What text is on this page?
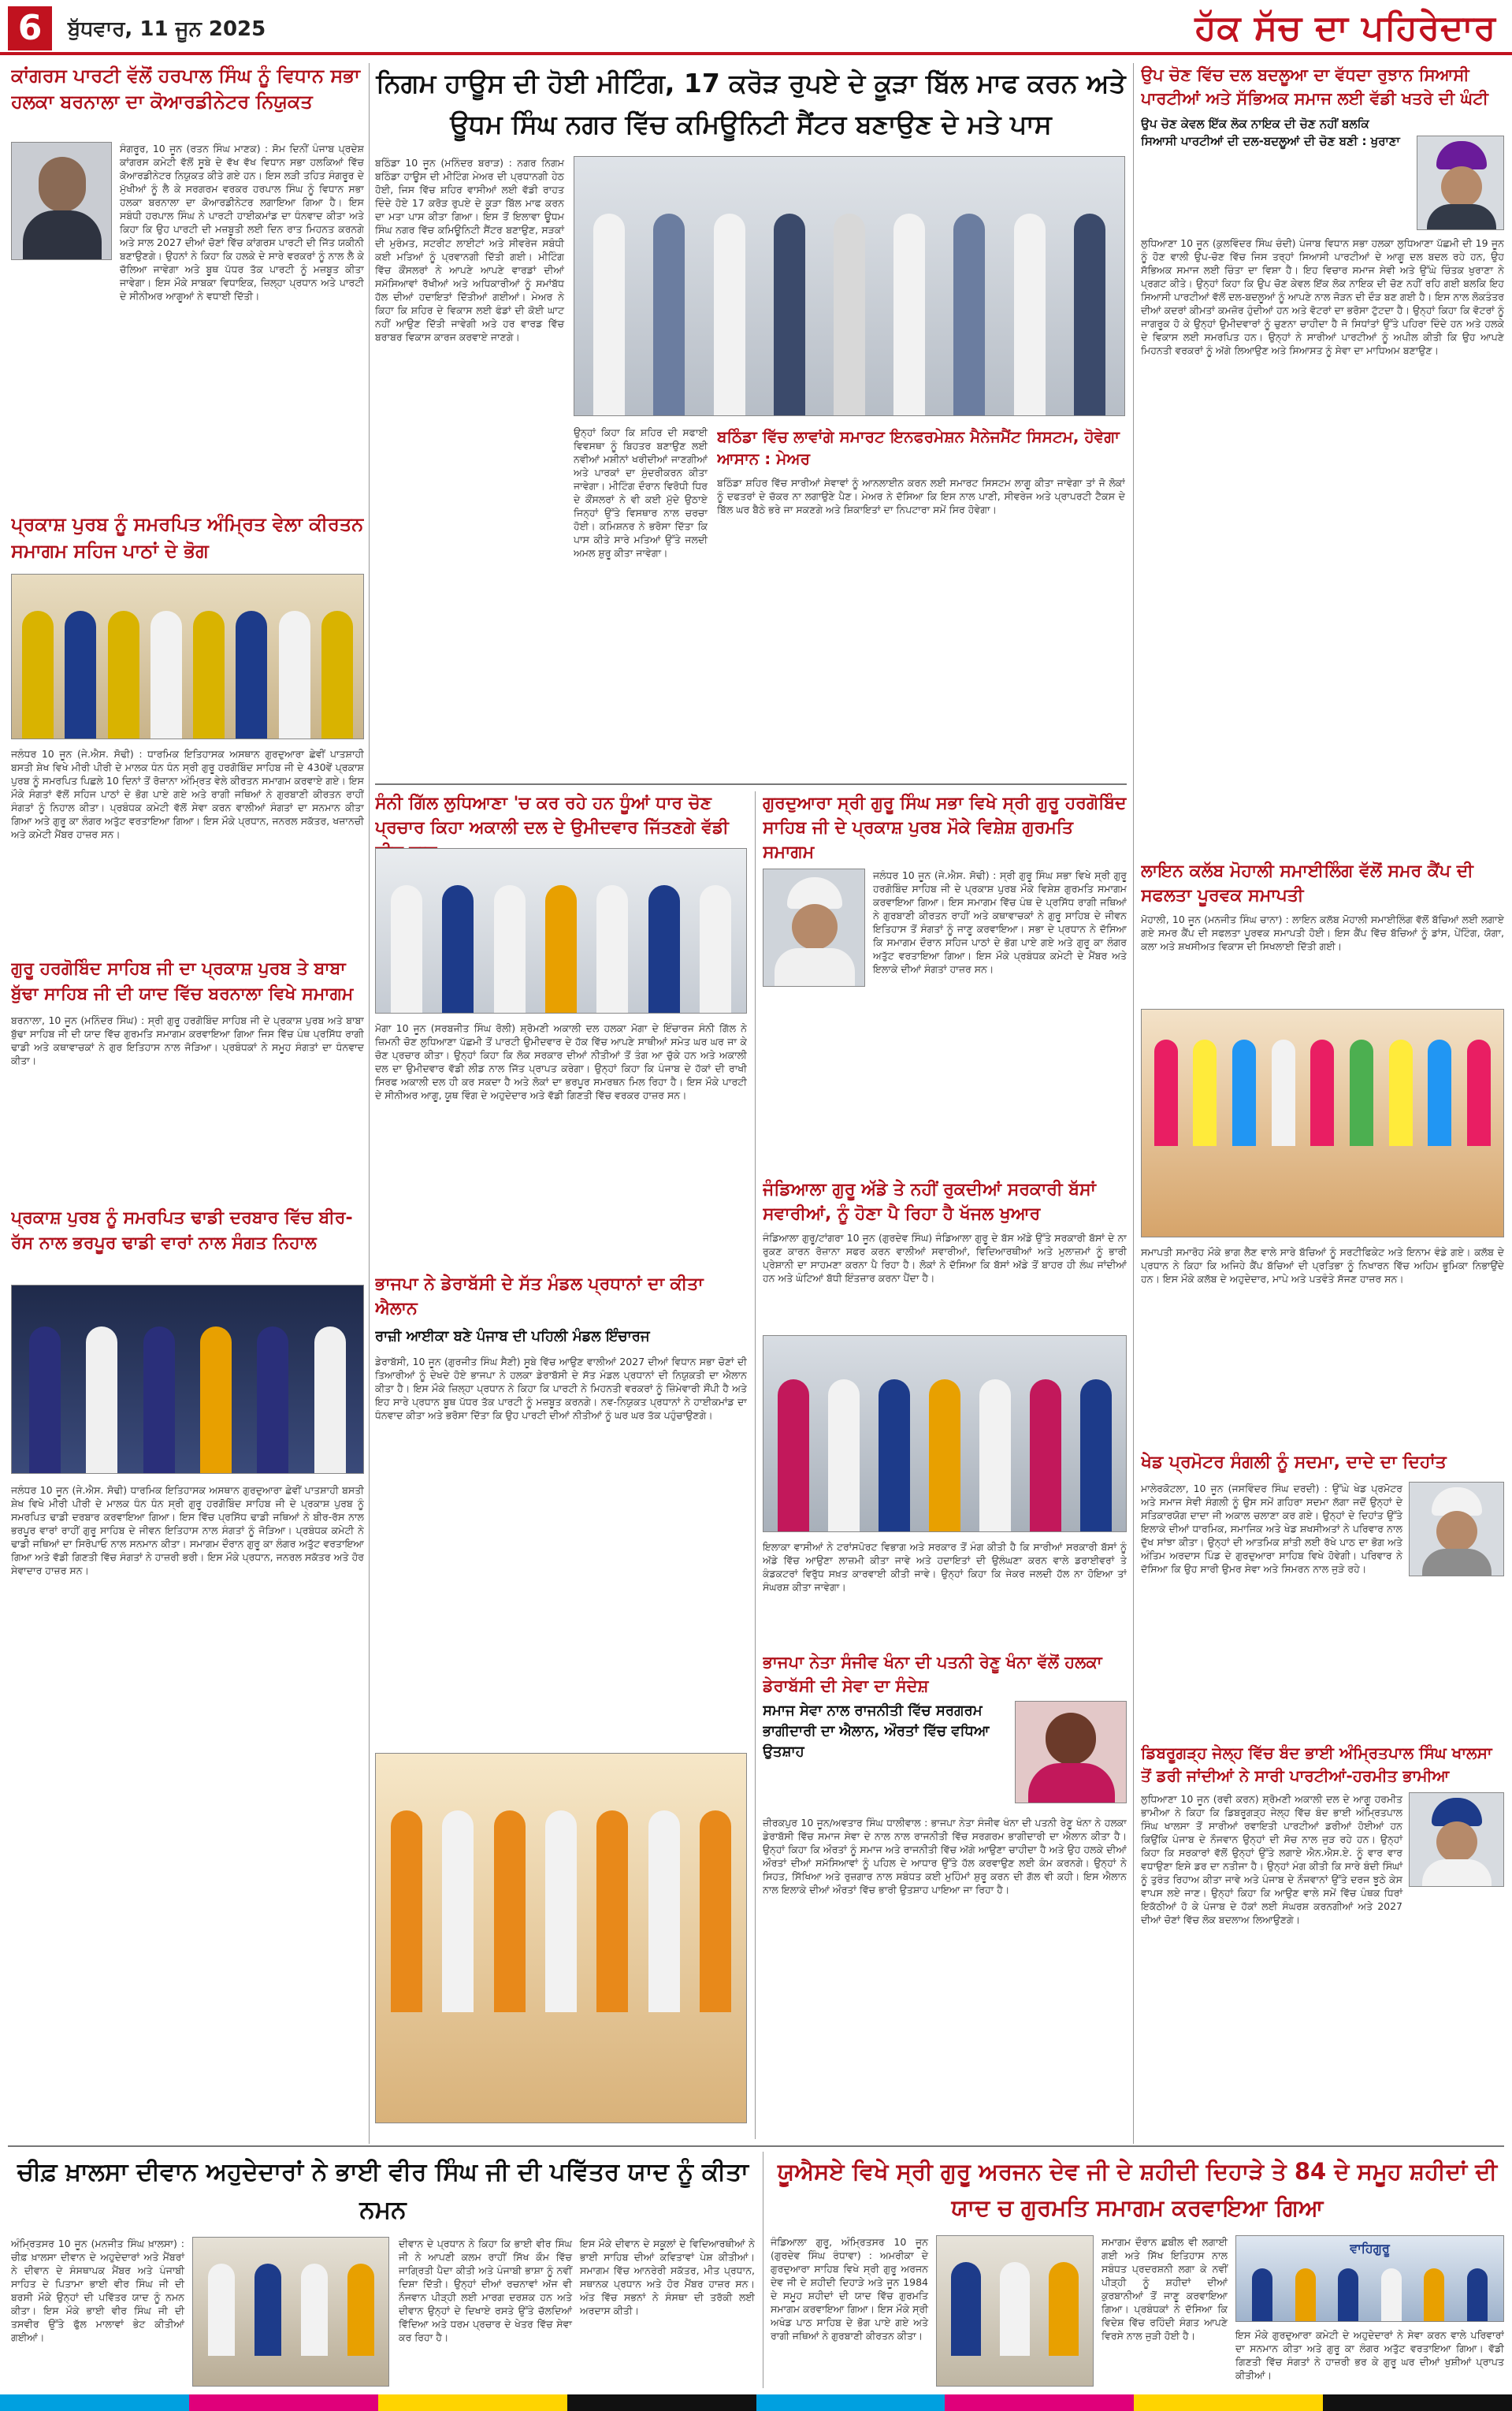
6	ਬੁੱਧਵਾਰ, 11 ਜੂਨ 2025	ਹੱਕ ਸੱਚ ਦਾ ਪਹਿਰੇਦਾਰ
ਕਾਂਗਰਸ ਪਾਰਟੀ ਵੱਲੋਂ ਹਰਪਾਲ ਸਿੰਘ ਨੂੰ ਵਿਧਾਨ ਸਭਾ ਹਲਕਾ ਬਰਨਾਲਾ ਦਾ ਕੋਆਰਡੀਨੇਟਰ ਨਿਯੁਕਤ
ਸੰਗਰੂਰ, 10 ਜੂਨ (ਰਤਨ ਸਿੰਘ ਮਾਣਕ) : ਸੋਮ ਦਿਨੀਂ ਪੰਜਾਬ ਪ੍ਰਦੇਸ਼ ਕਾਂਗਰਸ ਕਮੇਟੀ ਵੱਲੋਂ ਸੂਬੇ ਦੇ ਵੱਖ ਵੱਖ ਵਿਧਾਨ ਸਭਾ ਹਲਕਿਆਂ ਵਿੱਚ ਕੋਆਰਡੀਨੇਟਰ ਨਿਯੁਕਤ ਕੀਤੇ ਗਏ ਹਨ। ਇਸ ਲੜੀ ਤਹਿਤ ਸੰਗਰੂਰ ਦੇ ਮੁੱਖੀਆਂ ਨੂੰ ਲੈ ਕੇ ਸਰਗਰਮ ਵਰਕਰ ਹਰਪਾਲ ਸਿੰਘ ਨੂੰ ਵਿਧਾਨ ਸਭਾ ਹਲਕਾ ਬਰਨਾਲਾ ਦਾ ਕੋਆਰਡੀਨੇਟਰ ਲਗਾਇਆ ਗਿਆ ਹੈ। ਇਸ ਸਬੰਧੀ ਹਰਪਾਲ ਸਿੰਘ ਨੇ ਪਾਰਟੀ ਹਾਈਕਮਾਂਡ ਦਾ ਧੰਨਵਾਦ ਕੀਤਾ ਅਤੇ ਕਿਹਾ ਕਿ ਉਹ ਪਾਰਟੀ ਦੀ ਮਜ਼ਬੂਤੀ ਲਈ ਦਿਨ ਰਾਤ ਮਿਹਨਤ ਕਰਨਗੇ ਅਤੇ ਸਾਲ 2027 ਦੀਆਂ ਚੋਣਾਂ ਵਿੱਚ ਕਾਂਗਰਸ ਪਾਰਟੀ ਦੀ ਜਿੱਤ ਯਕੀਨੀ ਬਣਾਉਣਗੇ। ਉਹਨਾਂ ਨੇ ਕਿਹਾ ਕਿ ਹਲਕੇ ਦੇ ਸਾਰੇ ਵਰਕਰਾਂ ਨੂੰ ਨਾਲ ਲੈ ਕੇ ਚੱਲਿਆ ਜਾਵੇਗਾ ਅਤੇ ਬੂਥ ਪੱਧਰ ਤੱਕ ਪਾਰਟੀ ਨੂੰ ਮਜ਼ਬੂਤ ਕੀਤਾ ਜਾਵੇਗਾ। ਇਸ ਮੌਕੇ ਸਾਬਕਾ ਵਿਧਾਇਕ, ਜ਼ਿਲ੍ਹਾ ਪ੍ਰਧਾਨ ਅਤੇ ਪਾਰਟੀ ਦੇ ਸੀਨੀਅਰ ਆਗੂਆਂ ਨੇ ਵਧਾਈ ਦਿੱਤੀ।
ਪ੍ਰਕਾਸ਼ ਪੁਰਬ ਨੂੰ ਸਮਰਪਿਤ ਅੰਮ੍ਰਿਤ ਵੇਲਾ ਕੀਰਤਨ ਸਮਾਗਮ ਸਹਿਜ ਪਾਠਾਂ ਦੇ ਭੋਗ
ਜਲੰਧਰ 10 ਜੂਨ (ਜੇ.ਐਸ. ਸੋਢੀ) : ਧਾਰਮਿਕ ਇਤਿਹਾਸਕ ਅਸਥਾਨ ਗੁਰਦੁਆਰਾ ਛੇਵੀਂ ਪਾਤਸ਼ਾਹੀ ਬਸਤੀ ਸ਼ੇਖ ਵਿਖੇ ਮੀਰੀ ਪੀਰੀ ਦੇ ਮਾਲਕ ਧੰਨ ਧੰਨ ਸ੍ਰੀ ਗੁਰੂ ਹਰਗੋਬਿੰਦ ਸਾਹਿਬ ਜੀ ਦੇ 430ਵੇਂ ਪ੍ਰਕਾਸ਼ ਪੁਰਬ ਨੂੰ ਸਮਰਪਿਤ ਪਿਛਲੇ 10 ਦਿਨਾਂ ਤੋਂ ਰੋਜ਼ਾਨਾ ਅੰਮ੍ਰਿਤ ਵੇਲੇ ਕੀਰਤਨ ਸਮਾਗਮ ਕਰਵਾਏ ਗਏ। ਇਸ ਮੌਕੇ ਸੰਗਤਾਂ ਵੱਲੋਂ ਸਹਿਜ ਪਾਠਾਂ ਦੇ ਭੋਗ ਪਾਏ ਗਏ ਅਤੇ ਰਾਗੀ ਜਥਿਆਂ ਨੇ ਗੁਰਬਾਣੀ ਕੀਰਤਨ ਰਾਹੀਂ ਸੰਗਤਾਂ ਨੂੰ ਨਿਹਾਲ ਕੀਤਾ। ਪ੍ਰਬੰਧਕ ਕਮੇਟੀ ਵੱਲੋਂ ਸੇਵਾ ਕਰਨ ਵਾਲੀਆਂ ਸੰਗਤਾਂ ਦਾ ਸਨਮਾਨ ਕੀਤਾ ਗਿਆ ਅਤੇ ਗੁਰੂ ਕਾ ਲੰਗਰ ਅਤੁੱਟ ਵਰਤਾਇਆ ਗਿਆ। ਇਸ ਮੌਕੇ ਪ੍ਰਧਾਨ, ਜਨਰਲ ਸਕੱਤਰ, ਖਜ਼ਾਨਚੀ ਅਤੇ ਕਮੇਟੀ ਮੈਂਬਰ ਹਾਜ਼ਰ ਸਨ।
ਗੁਰੂ ਹਰਗੋਬਿੰਦ ਸਾਹਿਬ ਜੀ ਦਾ ਪ੍ਰਕਾਸ਼ ਪੁਰਬ ਤੇ ਬਾਬਾ ਬੁੱਢਾ ਸਾਹਿਬ ਜੀ ਦੀ ਯਾਦ ਵਿੱਚ ਬਰਨਾਲਾ ਵਿਖੇ ਸਮਾਗਮ
ਬਰਨਾਲਾ, 10 ਜੂਨ (ਮਨਿੰਦਰ ਸਿੰਘ) : ਸ੍ਰੀ ਗੁਰੂ ਹਰਗੋਬਿੰਦ ਸਾਹਿਬ ਜੀ ਦੇ ਪ੍ਰਕਾਸ਼ ਪੁਰਬ ਅਤੇ ਬਾਬਾ ਬੁੱਢਾ ਸਾਹਿਬ ਜੀ ਦੀ ਯਾਦ ਵਿੱਚ ਗੁਰਮਤਿ ਸਮਾਗਮ ਕਰਵਾਇਆ ਗਿਆ ਜਿਸ ਵਿੱਚ ਪੰਥ ਪ੍ਰਸਿੱਧ ਰਾਗੀ ਢਾਡੀ ਅਤੇ ਕਥਾਵਾਚਕਾਂ ਨੇ ਗੁਰ ਇਤਿਹਾਸ ਨਾਲ ਜੋੜਿਆ। ਪ੍ਰਬੰਧਕਾਂ ਨੇ ਸਮੂਹ ਸੰਗਤਾਂ ਦਾ ਧੰਨਵਾਦ ਕੀਤਾ।
ਪ੍ਰਕਾਸ਼ ਪੁਰਬ ਨੂੰ ਸਮਰਪਿਤ ਢਾਡੀ ਦਰਬਾਰ ਵਿੱਚ ਬੀਰ-ਰੱਸ ਨਾਲ ਭਰਪੂਰ ਢਾਡੀ ਵਾਰਾਂ ਨਾਲ ਸੰਗਤ ਨਿਹਾਲ
ਜਲੰਧਰ 10 ਜੂਨ (ਜੇ.ਐਸ. ਸੋਢੀ) ਧਾਰਮਿਕ ਇਤਿਹਾਸਕ ਅਸਥਾਨ ਗੁਰਦੁਆਰਾ ਛੇਵੀਂ ਪਾਤਸ਼ਾਹੀ ਬਸਤੀ ਸ਼ੇਖ ਵਿਖੇ ਮੀਰੀ ਪੀਰੀ ਦੇ ਮਾਲਕ ਧੰਨ ਧੰਨ ਸ੍ਰੀ ਗੁਰੂ ਹਰਗੋਬਿੰਦ ਸਾਹਿਬ ਜੀ ਦੇ ਪ੍ਰਕਾਸ਼ ਪੁਰਬ ਨੂੰ ਸਮਰਪਿਤ ਢਾਡੀ ਦਰਬਾਰ ਕਰਵਾਇਆ ਗਿਆ। ਇਸ ਵਿੱਚ ਪ੍ਰਸਿੱਧ ਢਾਡੀ ਜਥਿਆਂ ਨੇ ਬੀਰ-ਰੱਸ ਨਾਲ ਭਰਪੂਰ ਵਾਰਾਂ ਰਾਹੀਂ ਗੁਰੂ ਸਾਹਿਬ ਦੇ ਜੀਵਨ ਇਤਿਹਾਸ ਨਾਲ ਸੰਗਤਾਂ ਨੂੰ ਜੋੜਿਆ। ਪ੍ਰਬੰਧਕ ਕਮੇਟੀ ਨੇ ਢਾਡੀ ਜਥਿਆਂ ਦਾ ਸਿਰੋਪਾਓ ਨਾਲ ਸਨਮਾਨ ਕੀਤਾ। ਸਮਾਗਮ ਦੌਰਾਨ ਗੁਰੂ ਕਾ ਲੰਗਰ ਅਤੁੱਟ ਵਰਤਾਇਆ ਗਿਆ ਅਤੇ ਵੱਡੀ ਗਿਣਤੀ ਵਿੱਚ ਸੰਗਤਾਂ ਨੇ ਹਾਜ਼ਰੀ ਭਰੀ। ਇਸ ਮੌਕੇ ਪ੍ਰਧਾਨ, ਜਨਰਲ ਸਕੱਤਰ ਅਤੇ ਹੋਰ ਸੇਵਾਦਾਰ ਹਾਜ਼ਰ ਸਨ।
ਨਿਗਮ ਹਾਊਸ ਦੀ ਹੋਈ ਮੀਟਿੰਗ, 17 ਕਰੋੜ ਰੁਪਏ ਦੇ ਕੂੜਾ ਬਿੱਲ ਮਾਫ ਕਰਨ ਅਤੇ ਊਧਮ ਸਿੰਘ ਨਗਰ ਵਿੱਚ ਕਮਿਊਨਿਟੀ ਸੈਂਟਰ ਬਣਾਉਣ ਦੇ ਮਤੇ ਪਾਸ
ਬਠਿੰਡਾ 10 ਜੂਨ (ਮਨਿੰਦਰ ਬਰਾੜ) : ਨਗਰ ਨਿਗਮ ਬਠਿੰਡਾ ਹਾਊਸ ਦੀ ਮੀਟਿੰਗ ਮੇਅਰ ਦੀ ਪ੍ਰਧਾਨਗੀ ਹੇਠ ਹੋਈ, ਜਿਸ ਵਿੱਚ ਸ਼ਹਿਰ ਵਾਸੀਆਂ ਲਈ ਵੱਡੀ ਰਾਹਤ ਦਿੰਦੇ ਹੋਏ 17 ਕਰੋੜ ਰੁਪਏ ਦੇ ਕੂੜਾ ਬਿੱਲ ਮਾਫ ਕਰਨ ਦਾ ਮਤਾ ਪਾਸ ਕੀਤਾ ਗਿਆ। ਇਸ ਤੋਂ ਇਲਾਵਾ ਊਧਮ ਸਿੰਘ ਨਗਰ ਵਿੱਚ ਕਮਿਊਨਿਟੀ ਸੈਂਟਰ ਬਣਾਉਣ, ਸੜਕਾਂ ਦੀ ਮੁਰੰਮਤ, ਸਟਰੀਟ ਲਾਈਟਾਂ ਅਤੇ ਸੀਵਰੇਜ ਸਬੰਧੀ ਕਈ ਮਤਿਆਂ ਨੂੰ ਪ੍ਰਵਾਨਗੀ ਦਿੱਤੀ ਗਈ। ਮੀਟਿੰਗ ਵਿੱਚ ਕੌਂਸਲਰਾਂ ਨੇ ਆਪਣੇ ਆਪਣੇ ਵਾਰਡਾਂ ਦੀਆਂ ਸਮੱਸਿਆਵਾਂ ਰੱਖੀਆਂ ਅਤੇ ਅਧਿਕਾਰੀਆਂ ਨੂੰ ਸਮਾਂਬੱਧ ਹੱਲ ਦੀਆਂ ਹਦਾਇਤਾਂ ਦਿੱਤੀਆਂ ਗਈਆਂ। ਮੇਅਰ ਨੇ ਕਿਹਾ ਕਿ ਸ਼ਹਿਰ ਦੇ ਵਿਕਾਸ ਲਈ ਫੰਡਾਂ ਦੀ ਕੋਈ ਘਾਟ ਨਹੀਂ ਆਉਣ ਦਿੱਤੀ ਜਾਵੇਗੀ ਅਤੇ ਹਰ ਵਾਰਡ ਵਿੱਚ ਬਰਾਬਰ ਵਿਕਾਸ ਕਾਰਜ ਕਰਵਾਏ ਜਾਣਗੇ।
ਉਨ੍ਹਾਂ ਕਿਹਾ ਕਿ ਸ਼ਹਿਰ ਦੀ ਸਫਾਈ ਵਿਵਸਥਾ ਨੂੰ ਬਿਹਤਰ ਬਣਾਉਣ ਲਈ ਨਵੀਆਂ ਮਸ਼ੀਨਾਂ ਖਰੀਦੀਆਂ ਜਾਣਗੀਆਂ ਅਤੇ ਪਾਰਕਾਂ ਦਾ ਸੁੰਦਰੀਕਰਨ ਕੀਤਾ ਜਾਵੇਗਾ। ਮੀਟਿੰਗ ਦੌਰਾਨ ਵਿਰੋਧੀ ਧਿਰ ਦੇ ਕੌਂਸਲਰਾਂ ਨੇ ਵੀ ਕਈ ਮੁੱਦੇ ਉਠਾਏ ਜਿਨ੍ਹਾਂ ਉੱਤੇ ਵਿਸਥਾਰ ਨਾਲ ਚਰਚਾ ਹੋਈ। ਕਮਿਸ਼ਨਰ ਨੇ ਭਰੋਸਾ ਦਿੱਤਾ ਕਿ ਪਾਸ ਕੀਤੇ ਸਾਰੇ ਮਤਿਆਂ ਉੱਤੇ ਜਲਦੀ ਅਮਲ ਸ਼ੁਰੂ ਕੀਤਾ ਜਾਵੇਗਾ।
ਬਠਿੰਡਾ ਵਿੱਚ ਲਾਵਾਂਗੇ ਸਮਾਰਟ ਇਨਫਰਮੇਸ਼ਨ ਮੈਨੇਜਮੈਂਟ ਸਿਸਟਮ, ਹੋਵੇਗਾ ਆਸਾਨ : ਮੇਅਰ
ਬਠਿੰਡਾ ਸ਼ਹਿਰ ਵਿੱਚ ਸਾਰੀਆਂ ਸੇਵਾਵਾਂ ਨੂੰ ਆਨਲਾਈਨ ਕਰਨ ਲਈ ਸਮਾਰਟ ਸਿਸਟਮ ਲਾਗੂ ਕੀਤਾ ਜਾਵੇਗਾ ਤਾਂ ਜੋ ਲੋਕਾਂ ਨੂੰ ਦਫਤਰਾਂ ਦੇ ਚੱਕਰ ਨਾ ਲਗਾਉਣੇ ਪੈਣ। ਮੇਅਰ ਨੇ ਦੱਸਿਆ ਕਿ ਇਸ ਨਾਲ ਪਾਣੀ, ਸੀਵਰੇਜ ਅਤੇ ਪ੍ਰਾਪਰਟੀ ਟੈਕਸ ਦੇ ਬਿੱਲ ਘਰ ਬੈਠੇ ਭਰੇ ਜਾ ਸਕਣਗੇ ਅਤੇ ਸ਼ਿਕਾਇਤਾਂ ਦਾ ਨਿਪਟਾਰਾ ਸਮੇਂ ਸਿਰ ਹੋਵੇਗਾ।
ਸੰਨੀ ਗਿੱਲ ਲੁਧਿਆਣਾ 'ਚ ਕਰ ਰਹੇ ਹਨ ਧੂੰਆਂ ਧਾਰ ਚੋਣ ਪ੍ਰਚਾਰ ਕਿਹਾ ਅਕਾਲੀ ਦਲ ਦੇ ਉਮੀਦਵਾਰ ਜਿੱਤਣਗੇ ਵੱਡੀ
ਮੋਗਾ 10 ਜੂਨ (ਸਰਬਜੀਤ ਸਿੰਘ ਰੋਲੀ) ਸ਼੍ਰੋਮਣੀ ਅਕਾਲੀ ਦਲ ਹਲਕਾ ਮੋਗਾ ਦੇ ਇੰਚਾਰਜ ਸੰਨੀ ਗਿੱਲ ਨੇ ਜ਼ਿਮਨੀ ਚੋਣ ਲੁਧਿਆਣਾ ਪੱਛਮੀ ਤੋਂ ਪਾਰਟੀ ਉਮੀਦਵਾਰ ਦੇ ਹੱਕ ਵਿੱਚ ਆਪਣੇ ਸਾਥੀਆਂ ਸਮੇਤ ਘਰ ਘਰ ਜਾ ਕੇ ਚੋਣ ਪ੍ਰਚਾਰ ਕੀਤਾ। ਉਨ੍ਹਾਂ ਕਿਹਾ ਕਿ ਲੋਕ ਸਰਕਾਰ ਦੀਆਂ ਨੀਤੀਆਂ ਤੋਂ ਤੰਗ ਆ ਚੁੱਕੇ ਹਨ ਅਤੇ ਅਕਾਲੀ ਦਲ ਦਾ ਉਮੀਦਵਾਰ ਵੱਡੀ ਲੀਡ ਨਾਲ ਜਿੱਤ ਪ੍ਰਾਪਤ ਕਰੇਗਾ। ਉਨ੍ਹਾਂ ਕਿਹਾ ਕਿ ਪੰਜਾਬ ਦੇ ਹੱਕਾਂ ਦੀ ਰਾਖੀ ਸਿਰਫ ਅਕਾਲੀ ਦਲ ਹੀ ਕਰ ਸਕਦਾ ਹੈ ਅਤੇ ਲੋਕਾਂ ਦਾ ਭਰਪੂਰ ਸਮਰਥਨ ਮਿਲ ਰਿਹਾ ਹੈ। ਇਸ ਮੌਕੇ ਪਾਰਟੀ ਦੇ ਸੀਨੀਅਰ ਆਗੂ, ਯੂਥ ਵਿੰਗ ਦੇ ਅਹੁਦੇਦਾਰ ਅਤੇ ਵੱਡੀ ਗਿਣਤੀ ਵਿੱਚ ਵਰਕਰ ਹਾਜ਼ਰ ਸਨ।
ਭਾਜਪਾ ਨੇ ਡੇਰਾਬੱਸੀ ਦੇ ਸੱਤ ਮੰਡਲ ਪ੍ਰਧਾਨਾਂ ਦਾ ਕੀਤਾ ਐਲਾਨ
ਰਾਜ਼ੀ ਆਈਕਾ ਬਣੇ ਪੰਜਾਬ ਦੀ ਪਹਿਲੀ ਮੰਡਲ ਇੰਚਾਰਜ
ਡੇਰਾਬੱਸੀ, 10 ਜੂਨ (ਗੁਰਜੀਤ ਸਿੰਘ ਸੈਣੀ) ਸੂਬੇ ਵਿੱਚ ਆਉਣ ਵਾਲੀਆਂ 2027 ਦੀਆਂ ਵਿਧਾਨ ਸਭਾ ਚੋਣਾਂ ਦੀ ਤਿਆਰੀਆਂ ਨੂੰ ਦੇਖਦੇ ਹੋਏ ਭਾਜਪਾ ਨੇ ਹਲਕਾ ਡੇਰਾਬੱਸੀ ਦੇ ਸੱਤ ਮੰਡਲ ਪ੍ਰਧਾਨਾਂ ਦੀ ਨਿਯੁਕਤੀ ਦਾ ਐਲਾਨ ਕੀਤਾ ਹੈ। ਇਸ ਮੌਕੇ ਜ਼ਿਲ੍ਹਾ ਪ੍ਰਧਾਨ ਨੇ ਕਿਹਾ ਕਿ ਪਾਰਟੀ ਨੇ ਮਿਹਨਤੀ ਵਰਕਰਾਂ ਨੂੰ ਜ਼ਿੰਮੇਵਾਰੀ ਸੌਂਪੀ ਹੈ ਅਤੇ ਇਹ ਸਾਰੇ ਪ੍ਰਧਾਨ ਬੂਥ ਪੱਧਰ ਤੱਕ ਪਾਰਟੀ ਨੂੰ ਮਜ਼ਬੂਤ ਕਰਨਗੇ। ਨਵ-ਨਿਯੁਕਤ ਪ੍ਰਧਾਨਾਂ ਨੇ ਹਾਈਕਮਾਂਡ ਦਾ ਧੰਨਵਾਦ ਕੀਤਾ ਅਤੇ ਭਰੋਸਾ ਦਿੱਤਾ ਕਿ ਉਹ ਪਾਰਟੀ ਦੀਆਂ ਨੀਤੀਆਂ ਨੂੰ ਘਰ ਘਰ ਤੱਕ ਪਹੁੰਚਾਉਣਗੇ।
ਗੁਰਦੁਆਰਾ ਸ੍ਰੀ ਗੁਰੂ ਸਿੰਘ ਸਭਾ ਵਿਖੇ ਸ੍ਰੀ ਗੁਰੂ ਹਰਗੋਬਿੰਦ ਸਾਹਿਬ ਜੀ ਦੇ ਪ੍ਰਕਾਸ਼ ਪੁਰਬ ਮੌਕੇ ਵਿਸ਼ੇਸ਼ ਗੁਰਮਤਿ ਸਮਾਗਮ
ਜਲੰਧਰ 10 ਜੂਨ (ਜੇ.ਐਸ. ਸੋਢੀ) : ਸ੍ਰੀ ਗੁਰੂ ਸਿੰਘ ਸਭਾ ਵਿਖੇ ਸ੍ਰੀ ਗੁਰੂ ਹਰਗੋਬਿੰਦ ਸਾਹਿਬ ਜੀ ਦੇ ਪ੍ਰਕਾਸ਼ ਪੁਰਬ ਮੌਕੇ ਵਿਸ਼ੇਸ਼ ਗੁਰਮਤਿ ਸਮਾਗਮ ਕਰਵਾਇਆ ਗਿਆ। ਇਸ ਸਮਾਗਮ ਵਿੱਚ ਪੰਥ ਦੇ ਪ੍ਰਸਿੱਧ ਰਾਗੀ ਜਥਿਆਂ ਨੇ ਗੁਰਬਾਣੀ ਕੀਰਤਨ ਰਾਹੀਂ ਅਤੇ ਕਥਾਵਾਚਕਾਂ ਨੇ ਗੁਰੂ ਸਾਹਿਬ ਦੇ ਜੀਵਨ ਇਤਿਹਾਸ ਤੋਂ ਸੰਗਤਾਂ ਨੂੰ ਜਾਣੂ ਕਰਵਾਇਆ। ਸਭਾ ਦੇ ਪ੍ਰਧਾਨ ਨੇ ਦੱਸਿਆ ਕਿ ਸਮਾਗਮ ਦੌਰਾਨ ਸਹਿਜ ਪਾਠਾਂ ਦੇ ਭੋਗ ਪਾਏ ਗਏ ਅਤੇ ਗੁਰੂ ਕਾ ਲੰਗਰ ਅਤੁੱਟ ਵਰਤਾਇਆ ਗਿਆ। ਇਸ ਮੌਕੇ ਪ੍ਰਬੰਧਕ ਕਮੇਟੀ ਦੇ ਮੈਂਬਰ ਅਤੇ ਇਲਾਕੇ ਦੀਆਂ ਸੰਗਤਾਂ ਹਾਜ਼ਰ ਸਨ।
ਜੰਡਿਆਲਾ ਗੁਰੂ ਅੱਡੇ ਤੇ ਨਹੀਂ ਰੁਕਦੀਆਂ ਸਰਕਾਰੀ ਬੱਸਾਂ ਸਵਾਰੀਆਂ, ਨੂੰ ਹੋਣਾ ਪੈ ਰਿਹਾ ਹੈ ਖੱਜਲ ਖੁਆਰ
ਜੰਡਿਆਲਾ ਗੁਰੂ/ਟਾਂਗਰਾ 10 ਜੂਨ (ਗੁਰਦੇਵ ਸਿੰਘ) ਜੰਡਿਆਲਾ ਗੁਰੂ ਦੇ ਬੱਸ ਅੱਡੇ ਉੱਤੇ ਸਰਕਾਰੀ ਬੱਸਾਂ ਦੇ ਨਾ ਰੁਕਣ ਕਾਰਨ ਰੋਜ਼ਾਨਾ ਸਫਰ ਕਰਨ ਵਾਲੀਆਂ ਸਵਾਰੀਆਂ, ਵਿਦਿਆਰਥੀਆਂ ਅਤੇ ਮੁਲਾਜ਼ਮਾਂ ਨੂੰ ਭਾਰੀ ਪ੍ਰੇਸ਼ਾਨੀ ਦਾ ਸਾਹਮਣਾ ਕਰਨਾ ਪੈ ਰਿਹਾ ਹੈ। ਲੋਕਾਂ ਨੇ ਦੱਸਿਆ ਕਿ ਬੱਸਾਂ ਅੱਡੇ ਤੋਂ ਬਾਹਰ ਹੀ ਲੰਘ ਜਾਂਦੀਆਂ ਹਨ ਅਤੇ ਘੰਟਿਆਂ ਬੱਧੀ ਇੰਤਜ਼ਾਰ ਕਰਨਾ ਪੈਂਦਾ ਹੈ।
ਇਲਾਕਾ ਵਾਸੀਆਂ ਨੇ ਟਰਾਂਸਪੋਰਟ ਵਿਭਾਗ ਅਤੇ ਸਰਕਾਰ ਤੋਂ ਮੰਗ ਕੀਤੀ ਹੈ ਕਿ ਸਾਰੀਆਂ ਸਰਕਾਰੀ ਬੱਸਾਂ ਨੂੰ ਅੱਡੇ ਵਿੱਚ ਆਉਣਾ ਲਾਜ਼ਮੀ ਕੀਤਾ ਜਾਵੇ ਅਤੇ ਹਦਾਇਤਾਂ ਦੀ ਉਲੰਘਣਾ ਕਰਨ ਵਾਲੇ ਡਰਾਈਵਰਾਂ ਤੇ ਕੰਡਕਟਰਾਂ ਵਿਰੁੱਧ ਸਖ਼ਤ ਕਾਰਵਾਈ ਕੀਤੀ ਜਾਵੇ। ਉਨ੍ਹਾਂ ਕਿਹਾ ਕਿ ਜੇਕਰ ਜਲਦੀ ਹੱਲ ਨਾ ਹੋਇਆ ਤਾਂ ਸੰਘਰਸ਼ ਕੀਤਾ ਜਾਵੇਗਾ।
ਭਾਜਪਾ ਨੇਤਾ ਸੰਜੀਵ ਖੰਨਾ ਦੀ ਪਤਨੀ ਰੇਣੂ ਖੰਨਾ ਵੱਲੋਂ ਹਲਕਾ ਡੇਰਾਬੱਸੀ ਦੀ ਸੇਵਾ ਦਾ ਸੰਦੇਸ਼
ਸਮਾਜ ਸੇਵਾ ਨਾਲ ਰਾਜਨੀਤੀ ਵਿੱਚ ਸਰਗਰਮ ਭਾਗੀਦਾਰੀ ਦਾ ਐਲਾਨ, ਔਰਤਾਂ ਵਿੱਚ ਵਧਿਆ ਉਤਸ਼ਾਹ
ਜ਼ੀਰਕਪੁਰ 10 ਜੂਨ/ਅਵਤਾਰ ਸਿੰਘ ਧਾਲੀਵਾਲ : ਭਾਜਪਾ ਨੇਤਾ ਸੰਜੀਵ ਖੰਨਾ ਦੀ ਪਤਨੀ ਰੇਣੂ ਖੰਨਾ ਨੇ ਹਲਕਾ ਡੇਰਾਬੱਸੀ ਵਿੱਚ ਸਮਾਜ ਸੇਵਾ ਦੇ ਨਾਲ ਨਾਲ ਰਾਜਨੀਤੀ ਵਿੱਚ ਸਰਗਰਮ ਭਾਗੀਦਾਰੀ ਦਾ ਐਲਾਨ ਕੀਤਾ ਹੈ। ਉਨ੍ਹਾਂ ਕਿਹਾ ਕਿ ਔਰਤਾਂ ਨੂੰ ਸਮਾਜ ਅਤੇ ਰਾਜਨੀਤੀ ਵਿੱਚ ਅੱਗੇ ਆਉਣਾ ਚਾਹੀਦਾ ਹੈ ਅਤੇ ਉਹ ਹਲਕੇ ਦੀਆਂ ਔਰਤਾਂ ਦੀਆਂ ਸਮੱਸਿਆਵਾਂ ਨੂੰ ਪਹਿਲ ਦੇ ਆਧਾਰ ਉੱਤੇ ਹੱਲ ਕਰਵਾਉਣ ਲਈ ਕੰਮ ਕਰਨਗੇ। ਉਨ੍ਹਾਂ ਨੇ ਸਿਹਤ, ਸਿੱਖਿਆ ਅਤੇ ਰੁਜ਼ਗਾਰ ਨਾਲ ਸਬੰਧਤ ਕਈ ਮੁਹਿੰਮਾਂ ਸ਼ੁਰੂ ਕਰਨ ਦੀ ਗੱਲ ਵੀ ਕਹੀ। ਇਸ ਐਲਾਨ ਨਾਲ ਇਲਾਕੇ ਦੀਆਂ ਔਰਤਾਂ ਵਿੱਚ ਭਾਰੀ ਉਤਸ਼ਾਹ ਪਾਇਆ ਜਾ ਰਿਹਾ ਹੈ।
ਉਪ ਚੋਣ ਵਿੱਚ ਦਲ ਬਦਲੂਆ ਦਾ ਵੱਧਦਾ ਰੁਝਾਨ ਸਿਆਸੀ ਪਾਰਟੀਆਂ ਅਤੇ ਸੱਭਿਅਕ ਸਮਾਜ ਲਈ ਵੱਡੀ ਖਤਰੇ ਦੀ ਘੰਟੀ
ਉਪ ਚੋਣ ਕੇਵਲ ਇੱਕ ਲੋਕ ਨਾਇਕ ਦੀ ਚੋਣ ਨਹੀਂ ਬਲਕਿ ਸਿਆਸੀ ਪਾਰਟੀਆਂ ਦੀ ਦਲ-ਬਦਲੂਆਂ ਦੀ ਚੋਣ ਬਣੀ : ਖੁਰਾਣਾ
ਲੁਧਿਆਣਾ 10 ਜੂਨ (ਕੁਲਵਿੰਦਰ ਸਿੰਘ ਚੰਦੀ) ਪੰਜਾਬ ਵਿਧਾਨ ਸਭਾ ਹਲਕਾ ਲੁਧਿਆਣਾ ਪੱਛਮੀ ਦੀ 19 ਜੂਨ ਨੂੰ ਹੋਣ ਵਾਲੀ ਉਪ-ਚੋਣ ਵਿੱਚ ਜਿਸ ਤਰ੍ਹਾਂ ਸਿਆਸੀ ਪਾਰਟੀਆਂ ਦੇ ਆਗੂ ਦਲ ਬਦਲ ਰਹੇ ਹਨ, ਉਹ ਸੱਭਿਅਕ ਸਮਾਜ ਲਈ ਚਿੰਤਾ ਦਾ ਵਿਸ਼ਾ ਹੈ। ਇਹ ਵਿਚਾਰ ਸਮਾਜ ਸੇਵੀ ਅਤੇ ਉੱਘੇ ਚਿੰਤਕ ਖੁਰਾਣਾ ਨੇ ਪ੍ਰਗਟ ਕੀਤੇ। ਉਨ੍ਹਾਂ ਕਿਹਾ ਕਿ ਉਪ ਚੋਣ ਕੇਵਲ ਇੱਕ ਲੋਕ ਨਾਇਕ ਦੀ ਚੋਣ ਨਹੀਂ ਰਹਿ ਗਈ ਬਲਕਿ ਇਹ ਸਿਆਸੀ ਪਾਰਟੀਆਂ ਵੱਲੋਂ ਦਲ-ਬਦਲੂਆਂ ਨੂੰ ਆਪਣੇ ਨਾਲ ਜੋੜਨ ਦੀ ਦੌੜ ਬਣ ਗਈ ਹੈ। ਇਸ ਨਾਲ ਲੋਕਤੰਤਰ ਦੀਆਂ ਕਦਰਾਂ ਕੀਮਤਾਂ ਕਮਜ਼ੋਰ ਹੁੰਦੀਆਂ ਹਨ ਅਤੇ ਵੋਟਰਾਂ ਦਾ ਭਰੋਸਾ ਟੁੱਟਦਾ ਹੈ। ਉਨ੍ਹਾਂ ਕਿਹਾ ਕਿ ਵੋਟਰਾਂ ਨੂੰ ਜਾਗਰੂਕ ਹੋ ਕੇ ਉਨ੍ਹਾਂ ਉਮੀਦਵਾਰਾਂ ਨੂੰ ਚੁਣਨਾ ਚਾਹੀਦਾ ਹੈ ਜੋ ਸਿਧਾਂਤਾਂ ਉੱਤੇ ਪਹਿਰਾ ਦਿੰਦੇ ਹਨ ਅਤੇ ਹਲਕੇ ਦੇ ਵਿਕਾਸ ਲਈ ਸਮਰਪਿਤ ਹਨ। ਉਨ੍ਹਾਂ ਨੇ ਸਾਰੀਆਂ ਪਾਰਟੀਆਂ ਨੂੰ ਅਪੀਲ ਕੀਤੀ ਕਿ ਉਹ ਆਪਣੇ ਮਿਹਨਤੀ ਵਰਕਰਾਂ ਨੂੰ ਅੱਗੇ ਲਿਆਉਣ ਅਤੇ ਸਿਆਸਤ ਨੂੰ ਸੇਵਾ ਦਾ ਮਾਧਿਅਮ ਬਣਾਉਣ।
ਲਾਇਨ ਕਲੱਬ ਮੋਹਾਲੀ ਸਮਾਈਲਿੰਗ ਵੱਲੋਂ ਸਮਰ ਕੈਂਪ ਦੀ ਸਫਲਤਾ ਪੂਰਵਕ ਸਮਾਪਤੀ
ਮੋਹਾਲੀ, 10 ਜੂਨ (ਮਨਜੀਤ ਸਿੰਘ ਚਾਨਾ) : ਲਾਇਨ ਕਲੱਬ ਮੋਹਾਲੀ ਸਮਾਈਲਿੰਗ ਵੱਲੋਂ ਬੱਚਿਆਂ ਲਈ ਲਗਾਏ ਗਏ ਸਮਰ ਕੈਂਪ ਦੀ ਸਫਲਤਾ ਪੂਰਵਕ ਸਮਾਪਤੀ ਹੋਈ। ਇਸ ਕੈਂਪ ਵਿੱਚ ਬੱਚਿਆਂ ਨੂੰ ਡਾਂਸ, ਪੇਂਟਿੰਗ, ਯੋਗਾ, ਕਲਾ ਅਤੇ ਸ਼ਖਸੀਅਤ ਵਿਕਾਸ ਦੀ ਸਿਖਲਾਈ ਦਿੱਤੀ ਗਈ।
ਸਮਾਪਤੀ ਸਮਾਰੋਹ ਮੌਕੇ ਭਾਗ ਲੈਣ ਵਾਲੇ ਸਾਰੇ ਬੱਚਿਆਂ ਨੂੰ ਸਰਟੀਫਿਕੇਟ ਅਤੇ ਇਨਾਮ ਵੰਡੇ ਗਏ। ਕਲੱਬ ਦੇ ਪ੍ਰਧਾਨ ਨੇ ਕਿਹਾ ਕਿ ਅਜਿਹੇ ਕੈਂਪ ਬੱਚਿਆਂ ਦੀ ਪ੍ਰਤਿਭਾ ਨੂੰ ਨਿਖਾਰਨ ਵਿੱਚ ਅਹਿਮ ਭੂਮਿਕਾ ਨਿਭਾਉਂਦੇ ਹਨ। ਇਸ ਮੌਕੇ ਕਲੱਬ ਦੇ ਅਹੁਦੇਦਾਰ, ਮਾਪੇ ਅਤੇ ਪਤਵੰਤੇ ਸੱਜਣ ਹਾਜ਼ਰ ਸਨ।
ਖੇਡ ਪ੍ਰਮੋਟਰ ਸੰਗਲੀ ਨੂੰ ਸਦਮਾ, ਦਾਦੇ ਦਾ ਦਿਹਾਂਤ
ਮਾਲੇਰਕੋਟਲਾ, 10 ਜੂਨ (ਜਸਵਿੰਦਰ ਸਿੰਘ ਦਰਦੀ) : ਉੱਘੇ ਖੇਡ ਪ੍ਰਮੋਟਰ ਅਤੇ ਸਮਾਜ ਸੇਵੀ ਸੰਗਲੀ ਨੂੰ ਉਸ ਸਮੇਂ ਗਹਿਰਾ ਸਦਮਾ ਲੱਗਾ ਜਦੋਂ ਉਨ੍ਹਾਂ ਦੇ ਸਤਿਕਾਰਯੋਗ ਦਾਦਾ ਜੀ ਅਕਾਲ ਚਲਾਣਾ ਕਰ ਗਏ। ਉਨ੍ਹਾਂ ਦੇ ਦਿਹਾਂਤ ਉੱਤੇ ਇਲਾਕੇ ਦੀਆਂ ਧਾਰਮਿਕ, ਸਮਾਜਿਕ ਅਤੇ ਖੇਡ ਸ਼ਖਸੀਅਤਾਂ ਨੇ ਪਰਿਵਾਰ ਨਾਲ ਦੁੱਖ ਸਾਂਝਾ ਕੀਤਾ। ਉਨ੍ਹਾਂ ਦੀ ਆਤਮਿਕ ਸ਼ਾਂਤੀ ਲਈ ਰੱਖੇ ਪਾਠ ਦਾ ਭੋਗ ਅਤੇ ਅੰਤਿਮ ਅਰਦਾਸ ਪਿੰਡ ਦੇ ਗੁਰਦੁਆਰਾ ਸਾਹਿਬ ਵਿਖੇ ਹੋਵੇਗੀ। ਪਰਿਵਾਰ ਨੇ ਦੱਸਿਆ ਕਿ ਉਹ ਸਾਰੀ ਉਮਰ ਸੇਵਾ ਅਤੇ ਸਿਮਰਨ ਨਾਲ ਜੁੜੇ ਰਹੇ।
ਡਿਬਰੂਗੜ੍ਹ ਜੇਲ੍ਹ ਵਿੱਚ ਬੰਦ ਭਾਈ ਅੰਮ੍ਰਿਤਪਾਲ ਸਿੰਘ ਖਾਲਸਾ ਤੋਂ ਡਰੀ ਜਾਂਦੀਆਂ ਨੇ ਸਾਰੀ ਪਾਰਟੀਆਂ-ਹਰਮੀਤ ਭਾਮੀਆ
ਲੁਧਿਆਣਾ 10 ਜੂਨ (ਰਵੀ ਕਰਨ) ਸ਼੍ਰੋਮਣੀ ਅਕਾਲੀ ਦਲ ਦੇ ਆਗੂ ਹਰਮੀਤ ਭਾਮੀਆ ਨੇ ਕਿਹਾ ਕਿ ਡਿਬਰੂਗੜ੍ਹ ਜੇਲ੍ਹ ਵਿੱਚ ਬੰਦ ਭਾਈ ਅੰਮ੍ਰਿਤਪਾਲ ਸਿੰਘ ਖਾਲਸਾ ਤੋਂ ਸਾਰੀਆਂ ਰਵਾਇਤੀ ਪਾਰਟੀਆਂ ਡਰੀਆਂ ਹੋਈਆਂ ਹਨ ਕਿਉਂਕਿ ਪੰਜਾਬ ਦੇ ਨੌਜਵਾਨ ਉਨ੍ਹਾਂ ਦੀ ਸੋਚ ਨਾਲ ਜੁੜ ਰਹੇ ਹਨ। ਉਨ੍ਹਾਂ ਕਿਹਾ ਕਿ ਸਰਕਾਰਾਂ ਵੱਲੋਂ ਉਨ੍ਹਾਂ ਉੱਤੇ ਲਗਾਏ ਐਨ.ਐਸ.ਏ. ਨੂੰ ਵਾਰ ਵਾਰ ਵਧਾਉਣਾ ਇਸੇ ਡਰ ਦਾ ਨਤੀਜਾ ਹੈ। ਉਨ੍ਹਾਂ ਮੰਗ ਕੀਤੀ ਕਿ ਸਾਰੇ ਬੰਦੀ ਸਿੰਘਾਂ ਨੂੰ ਤੁਰੰਤ ਰਿਹਾਅ ਕੀਤਾ ਜਾਵੇ ਅਤੇ ਪੰਜਾਬ ਦੇ ਨੌਜਵਾਨਾਂ ਉੱਤੇ ਦਰਜ ਝੂਠੇ ਕੇਸ ਵਾਪਸ ਲਏ ਜਾਣ। ਉਨ੍ਹਾਂ ਕਿਹਾ ਕਿ ਆਉਣ ਵਾਲੇ ਸਮੇਂ ਵਿੱਚ ਪੰਥਕ ਧਿਰਾਂ ਇਕੱਠੀਆਂ ਹੋ ਕੇ ਪੰਜਾਬ ਦੇ ਹੱਕਾਂ ਲਈ ਸੰਘਰਸ਼ ਕਰਨਗੀਆਂ ਅਤੇ 2027 ਦੀਆਂ ਚੋਣਾਂ ਵਿੱਚ ਲੋਕ ਬਦਲਾਅ ਲਿਆਉਣਗੇ।
ਚੀਫ਼ ਖ਼ਾਲਸਾ ਦੀਵਾਨ ਅਹੁਦੇਦਾਰਾਂ ਨੇ ਭਾਈ ਵੀਰ ਸਿੰਘ ਜੀ ਦੀ ਪਵਿੱਤਰ ਯਾਦ ਨੂੰ ਕੀਤਾ ਨਮਨ
ਅੰਮ੍ਰਿਤਸਰ 10 ਜੂਨ (ਮਨਜੀਤ ਸਿੰਘ ਖ਼ਾਲਸਾ) : ਚੀਫ਼ ਖ਼ਾਲਸਾ ਦੀਵਾਨ ਦੇ ਅਹੁਦੇਦਾਰਾਂ ਅਤੇ ਮੈਂਬਰਾਂ ਨੇ ਦੀਵਾਨ ਦੇ ਸੰਸਥਾਪਕ ਮੈਂਬਰ ਅਤੇ ਪੰਜਾਬੀ ਸਾਹਿਤ ਦੇ ਪਿਤਾਮਾ ਭਾਈ ਵੀਰ ਸਿੰਘ ਜੀ ਦੀ ਬਰਸੀ ਮੌਕੇ ਉਨ੍ਹਾਂ ਦੀ ਪਵਿੱਤਰ ਯਾਦ ਨੂੰ ਨਮਨ ਕੀਤਾ। ਇਸ ਮੌਕੇ ਭਾਈ ਵੀਰ ਸਿੰਘ ਜੀ ਦੀ ਤਸਵੀਰ ਉੱਤੇ ਫੁੱਲ ਮਾਲਾਵਾਂ ਭੇਟ ਕੀਤੀਆਂ ਗਈਆਂ।
ਦੀਵਾਨ ਦੇ ਪ੍ਰਧਾਨ ਨੇ ਕਿਹਾ ਕਿ ਭਾਈ ਵੀਰ ਸਿੰਘ ਜੀ ਨੇ ਆਪਣੀ ਕਲਮ ਰਾਹੀਂ ਸਿੱਖ ਕੌਮ ਵਿੱਚ ਜਾਗ੍ਰਿਤੀ ਪੈਦਾ ਕੀਤੀ ਅਤੇ ਪੰਜਾਬੀ ਭਾਸ਼ਾ ਨੂੰ ਨਵੀਂ ਦਿਸ਼ਾ ਦਿੱਤੀ। ਉਨ੍ਹਾਂ ਦੀਆਂ ਰਚਨਾਵਾਂ ਅੱਜ ਵੀ ਨੌਜਵਾਨ ਪੀੜ੍ਹੀ ਲਈ ਮਾਰਗ ਦਰਸ਼ਕ ਹਨ ਅਤੇ ਦੀਵਾਨ ਉਨ੍ਹਾਂ ਦੇ ਦਿਖਾਏ ਰਸਤੇ ਉੱਤੇ ਚੱਲਦਿਆਂ ਵਿੱਦਿਆ ਅਤੇ ਧਰਮ ਪ੍ਰਚਾਰ ਦੇ ਖੇਤਰ ਵਿੱਚ ਸੇਵਾ ਕਰ ਰਿਹਾ ਹੈ।
ਇਸ ਮੌਕੇ ਦੀਵਾਨ ਦੇ ਸਕੂਲਾਂ ਦੇ ਵਿਦਿਆਰਥੀਆਂ ਨੇ ਭਾਈ ਸਾਹਿਬ ਦੀਆਂ ਕਵਿਤਾਵਾਂ ਪੇਸ਼ ਕੀਤੀਆਂ। ਸਮਾਗਮ ਵਿੱਚ ਆਨਰੇਰੀ ਸਕੱਤਰ, ਮੀਤ ਪ੍ਰਧਾਨ, ਸਥਾਨਕ ਪ੍ਰਧਾਨ ਅਤੇ ਹੋਰ ਮੈਂਬਰ ਹਾਜ਼ਰ ਸਨ। ਅੰਤ ਵਿੱਚ ਸਭਨਾਂ ਨੇ ਸੰਸਥਾ ਦੀ ਤਰੱਕੀ ਲਈ ਅਰਦਾਸ ਕੀਤੀ।
ਯੂਐਸਏ ਵਿਖੇ ਸ੍ਰੀ ਗੁਰੂ ਅਰਜਨ ਦੇਵ ਜੀ ਦੇ ਸ਼ਹੀਦੀ ਦਿਹਾੜੇ ਤੇ 84 ਦੇ ਸਮੂਹ ਸ਼ਹੀਦਾਂ ਦੀ ਯਾਦ ਚ ਗੁਰਮਤਿ ਸਮਾਗਮ ਕਰਵਾਇਆ ਗਿਆ
ਜੰਡਿਆਲਾ ਗੁਰੂ, ਅੰਮ੍ਰਿਤਸਰ 10 ਜੂਨ (ਗੁਰਦੇਵ ਸਿੰਘ ਰੰਧਾਵਾ) : ਅਮਰੀਕਾ ਦੇ ਗੁਰਦੁਆਰਾ ਸਾਹਿਬ ਵਿਖੇ ਸ੍ਰੀ ਗੁਰੂ ਅਰਜਨ ਦੇਵ ਜੀ ਦੇ ਸ਼ਹੀਦੀ ਦਿਹਾੜੇ ਅਤੇ ਜੂਨ 1984 ਦੇ ਸਮੂਹ ਸ਼ਹੀਦਾਂ ਦੀ ਯਾਦ ਵਿੱਚ ਗੁਰਮਤਿ ਸਮਾਗਮ ਕਰਵਾਇਆ ਗਿਆ। ਇਸ ਮੌਕੇ ਸ੍ਰੀ ਅਖੰਡ ਪਾਠ ਸਾਹਿਬ ਦੇ ਭੋਗ ਪਾਏ ਗਏ ਅਤੇ ਰਾਗੀ ਜਥਿਆਂ ਨੇ ਗੁਰਬਾਣੀ ਕੀਰਤਨ ਕੀਤਾ।
ਸਮਾਗਮ ਦੌਰਾਨ ਛਬੀਲ ਵੀ ਲਗਾਈ ਗਈ ਅਤੇ ਸਿੱਖ ਇਤਿਹਾਸ ਨਾਲ ਸਬੰਧਤ ਪ੍ਰਦਰਸ਼ਨੀ ਲਗਾ ਕੇ ਨਵੀਂ ਪੀੜ੍ਹੀ ਨੂੰ ਸ਼ਹੀਦਾਂ ਦੀਆਂ ਕੁਰਬਾਨੀਆਂ ਤੋਂ ਜਾਣੂ ਕਰਵਾਇਆ ਗਿਆ। ਪ੍ਰਬੰਧਕਾਂ ਨੇ ਦੱਸਿਆ ਕਿ ਵਿਦੇਸ਼ ਵਿੱਚ ਰਹਿੰਦੀ ਸੰਗਤ ਆਪਣੇ ਵਿਰਸੇ ਨਾਲ ਜੁੜੀ ਹੋਈ ਹੈ।
ਵਾਹਿਗੁਰੂ
ਇਸ ਮੌਕੇ ਗੁਰਦੁਆਰਾ ਕਮੇਟੀ ਦੇ ਅਹੁਦੇਦਾਰਾਂ ਨੇ ਸੇਵਾ ਕਰਨ ਵਾਲੇ ਪਰਿਵਾਰਾਂ ਦਾ ਸਨਮਾਨ ਕੀਤਾ ਅਤੇ ਗੁਰੂ ਕਾ ਲੰਗਰ ਅਤੁੱਟ ਵਰਤਾਇਆ ਗਿਆ। ਵੱਡੀ ਗਿਣਤੀ ਵਿੱਚ ਸੰਗਤਾਂ ਨੇ ਹਾਜ਼ਰੀ ਭਰ ਕੇ ਗੁਰੂ ਘਰ ਦੀਆਂ ਖੁਸ਼ੀਆਂ ਪ੍ਰਾਪਤ ਕੀਤੀਆਂ।
